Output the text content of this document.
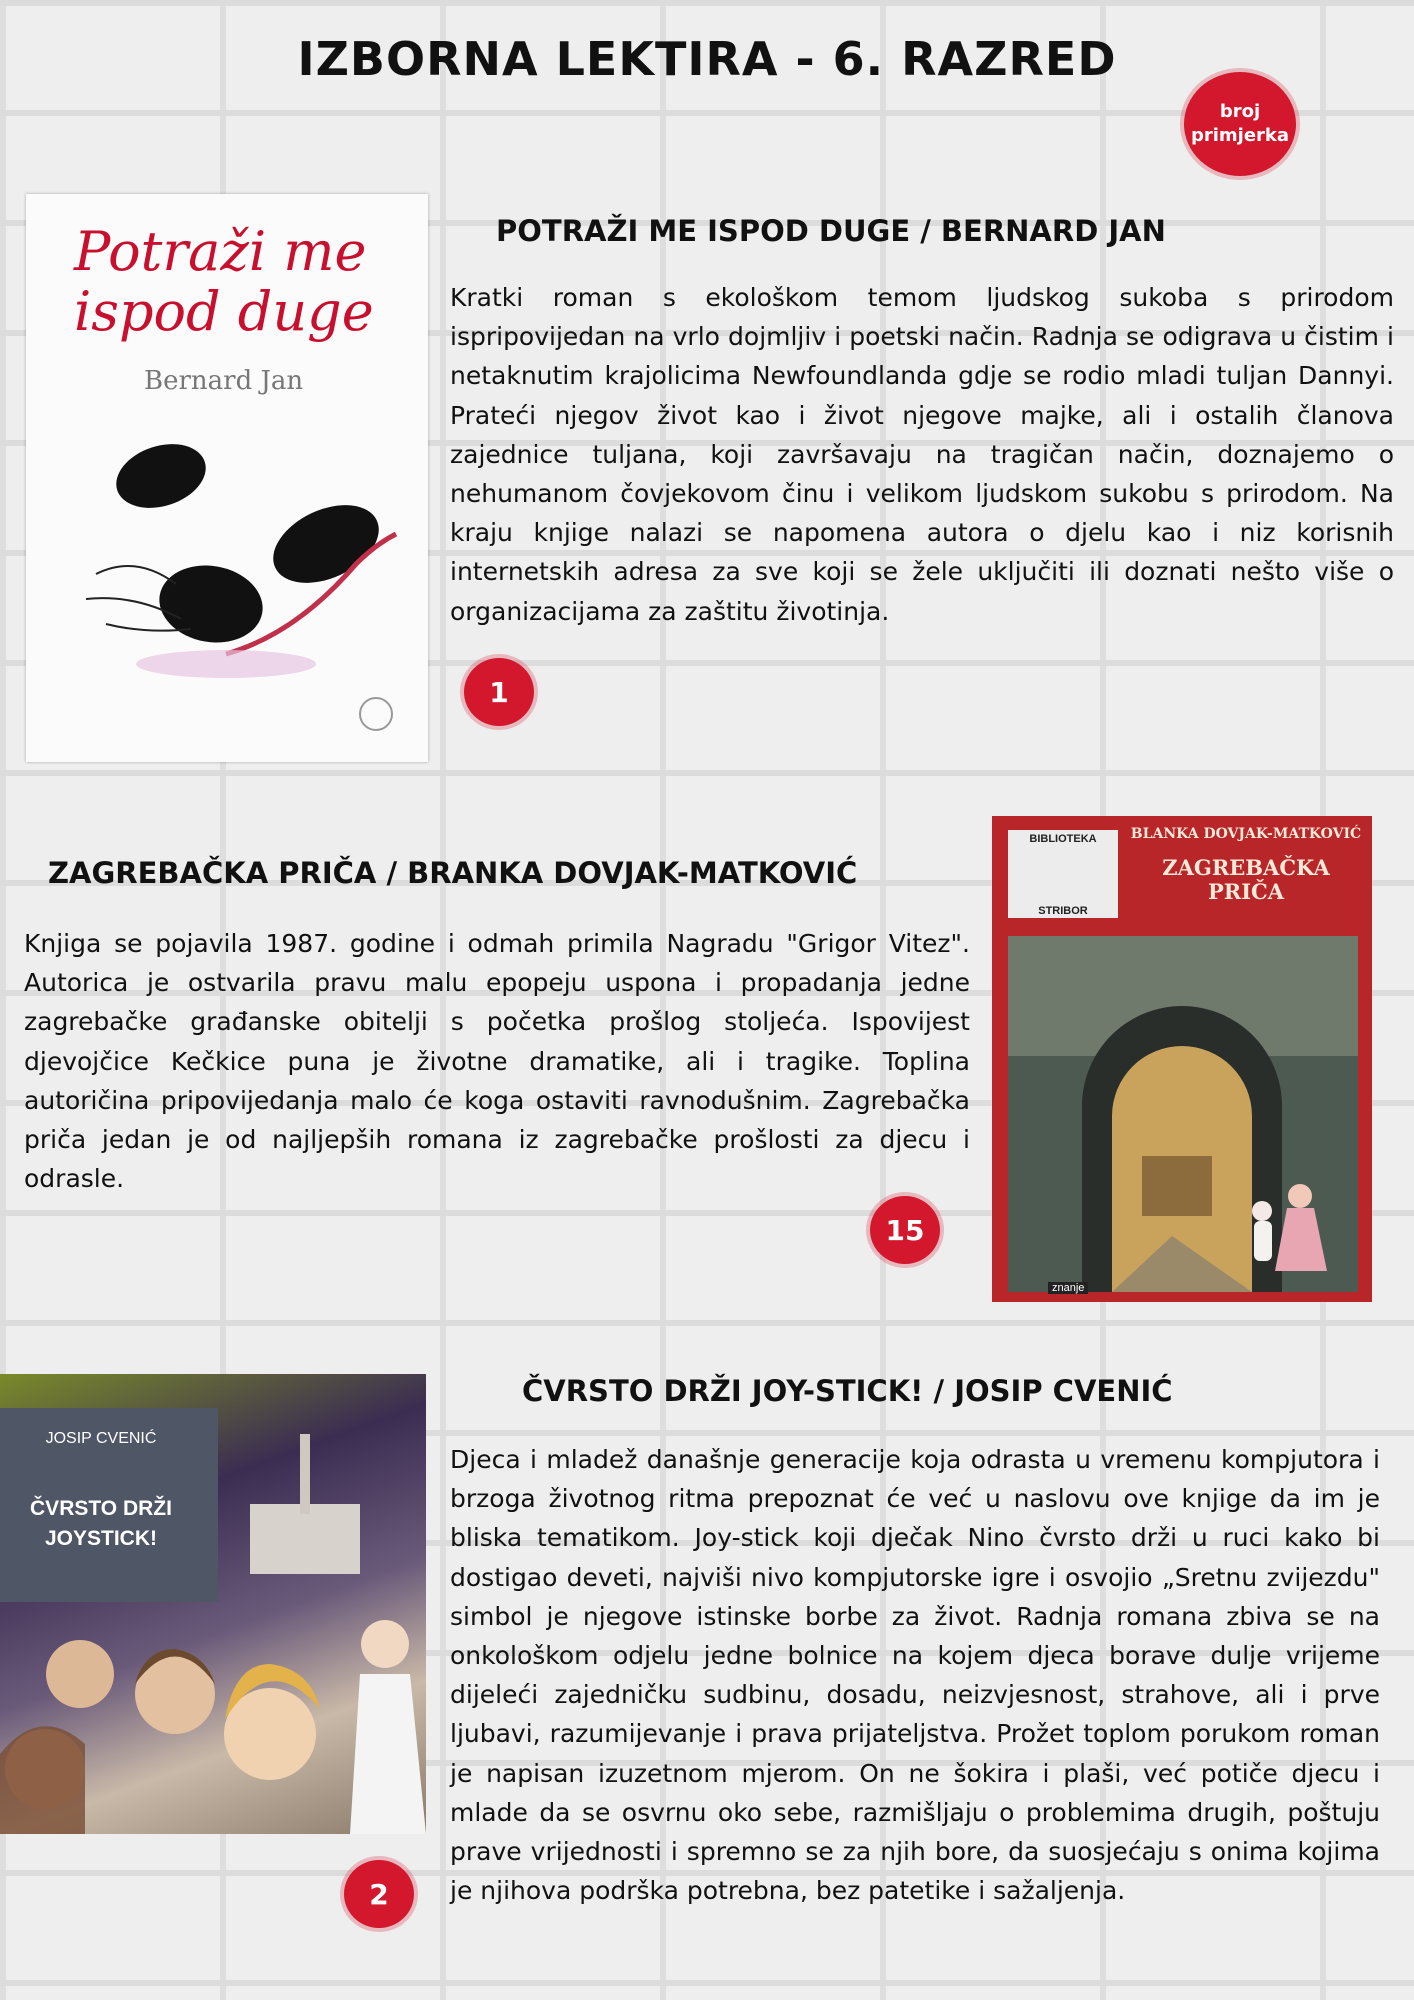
IZBORNA LEKTIRA - 6. RAZRED
broj primjerka
Potraži me
ispod duge
Bernard Jan
POTRAŽI ME ISPOD DUGE / BERNARD JAN

Kratki roman s ekološkom temom ljudskog sukoba s prirodom ispripovijedan na vrlo dojmljiv i poetski način. Radnja se odigrava u čistim i netaknutim krajolicima Newfoundlanda gdje se rodio mladi tuljan Dannyi. Prateći njegov život kao i život njegove majke, ali i ostalih članova zajednice tuljana, koji završavaju na tragičan način, doznajemo o nehumanom čovjekovom činu i velikom ljudskom sukobu s prirodom. Na kraju knjige nalazi se napomena autora o djelu kao i niz korisnih internetskih adresa za sve koji se žele uključiti ili doznati nešto više o organizacijama za zaštitu životinja.

1
ZAGREBAČKA PRIČA / BRANKA DOVJAK-MATKOVIĆ

Knjiga se pojavila 1987. godine i odmah primila Nagradu "Grigor Vitez". Autorica je ostvarila pravu malu epopeju uspona i propadanja jedne zagrebačke građanske obitelji s početka prošlog stoljeća. Ispovijest djevojčice Kečkice puna je životne dramatike, ali i tragike. Toplina autoričina pripovijedanja malo će koga ostaviti ravnodušnim. Zagrebačka priča jedan je od najljepših romana iz zagrebačke prošlosti za djecu i odrasle.

15
BIBLIOTEKA
STRIBOR
BLANKA DOVJAK-MATKOVIĆ
ZAGREBAČKA
PRIČA
znanje
JOSIP CVENIĆ
ČVRSTO DRŽI
JOYSTICK!
ČVRSTO DRŽI JOY-STICK! / JOSIP CVENIĆ

Djeca i mladež današnje generacije koja odrasta u vremenu kompjutora i brzoga životnog ritma prepoznat će već u naslovu ove knjige da im je bliska tematikom. Joy-stick koji dječak Nino čvrsto drži u ruci kako bi dostigao deveti, najviši nivo kompjutorske igre i osvojio „Sretnu zvijezdu" simbol je njegove istinske borbe za život. Radnja romana zbiva se na onkološkom odjelu jedne bolnice na kojem djeca borave dulje vrijeme dijeleći zajedničku sudbinu, dosadu, neizvjesnost, strahove, ali i prve ljubavi, razumijevanje i prava prijateljstva. Prožet toplom porukom roman je napisan izuzetnom mjerom. On ne šokira i plaši, već potiče djecu i mlade da se osvrnu oko sebe, razmišljaju o problemima drugih, poštuju prave vrijednosti i spremno se za njih bore, da suosjećaju s onima kojima je njihova podrška potrebna, bez patetike i sažaljenja.

2
